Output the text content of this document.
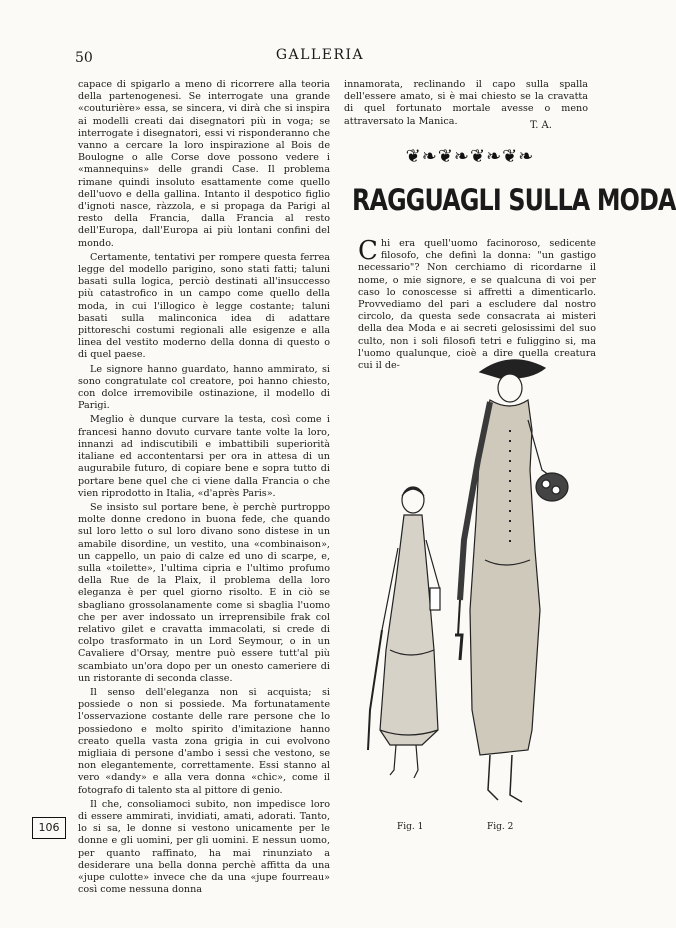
50	GALLERIA

capace di spigarlo a meno di ricorrere alla teoria della partenogenesi. Se interrogate una grande «couturière» essa, se sincera, vi dirà che si inspira ai modelli creati dai disegnatori più in voga; se interrogate i disegnatori, essi vi risponderanno che vanno a cercare la loro inspirazione al Bois de Boulogne o alle Corse dove possono vedere i «mannequins» delle grandi Case. Il problema rimane quindi insoluto esattamente come quello dell'uovo e della gallina. Intanto il despotico figlio d'ignoti nasce, ràzzola, e si propaga da Parigi al resto della Francia, dalla Francia al resto dell'Europa, dall'Europa ai più lontani confini del mondo.

Certamente, tentativi per rompere questa ferrea legge del modello parigino, sono stati fatti; taluni basati sulla logica, perciò destinati all'insuccesso più catastrofico in un campo come quello della moda, in cui l'illogico è legge costante; taluni basati sulla malinconica idea di adattare pittoreschi costumi regionali alle esigenze e alla linea del vestito moderno della donna di questo o di quel paese.

Le signore hanno guardato, hanno ammirato, si sono congratulate col creatore, poi hanno chiesto, con dolce irremovibile ostinazione, il modello di Parigi.

Meglio è dunque curvare la testa, così come i francesi hanno dovuto curvare tante volte la loro, innanzi ad indiscutibili e imbattibili superiorità italiane ed accontentarsi per ora in attesa di un augurabile futuro, di copiare bene e sopra tutto di portare bene quel che ci viene dalla Francia o che vien riprodotto in Italia, «d'après Paris».

Se insisto sul portare bene, è perchè purtroppo molte donne credono in buona fede, che quando sul loro letto o sul loro divano sono distese in un amabile disordine, un vestito, una «combinaison», un cappello, un paio di calze ed uno di scarpe, e, sulla «toilette», l'ultima cipria e l'ultimo profumo della Rue de la Plaix, il problema della loro eleganza è per quel giorno risolto. E in ciò se sbagliano grossolanamente come si sbaglia l'uomo che per aver indossato un irreprensibile frak col relativo gilet e cravatta immacolati, si crede di colpo trasformato in un Lord Seymour, o in un Cavaliere d'Orsay, mentre può essere tutt'al più scambiato un'ora dopo per un onesto cameriere di un ristorante di seconda classe.

Il senso dell'eleganza non si acquista; si possiede o non si possiede. Ma fortunatamente l'osservazione costante delle rare persone che lo possiedono e molto spirito d'imitazione hanno creato quella vasta zona grigia in cui evolvono migliaia di persone d'ambo i sessi che vestono, se non elegantemente, correttamente. Essi stanno al vero «dandy» e alla vera donna «chic», come il fotografo di talento sta al pittore di genio.

Il che, consoliamoci subito, non impedisce loro di essere ammirati, invidiati, amati, adorati. Tanto, lo si sa, le donne si vestono unicamente per le donne e gli uomini, per gli uomini. E nessun uomo, per quanto raffinato, ha mai rinunziato a desiderare una bella donna perchè affitta da una «jupe culotte» invece che da una «jupe fourreau» così come nessuna donna

innamorata, reclinando il capo sulla spalla dell'essere amato, si è mai chiesto se la cravatta di quel fortunato mortale avesse o meno attraversato la Manica.	T. A.
❦❧❦❧❦❧❦❧
RAGGUAGLI SULLA MODA

Chi era quell'uomo facinoroso, sedicente filosofo, che definì la donna: "un gastigo necessario"? Non cerchiamo di ricordarne il nome, o mie signore, e se qualcuna di voi per caso lo conoscesse si affretti a dimenticarlo. Provvediamo del pari a escludere dal nostro circolo, da questa sede consacrata ai misteri della dea Moda e ai secreti gelosissimi del suo culto, non i soli filosofi tetri e fuliggino si, ma l'uomo qualunque, cioè a dire quella creatura cui il de-

Fig. 1	Fig. 2
106
